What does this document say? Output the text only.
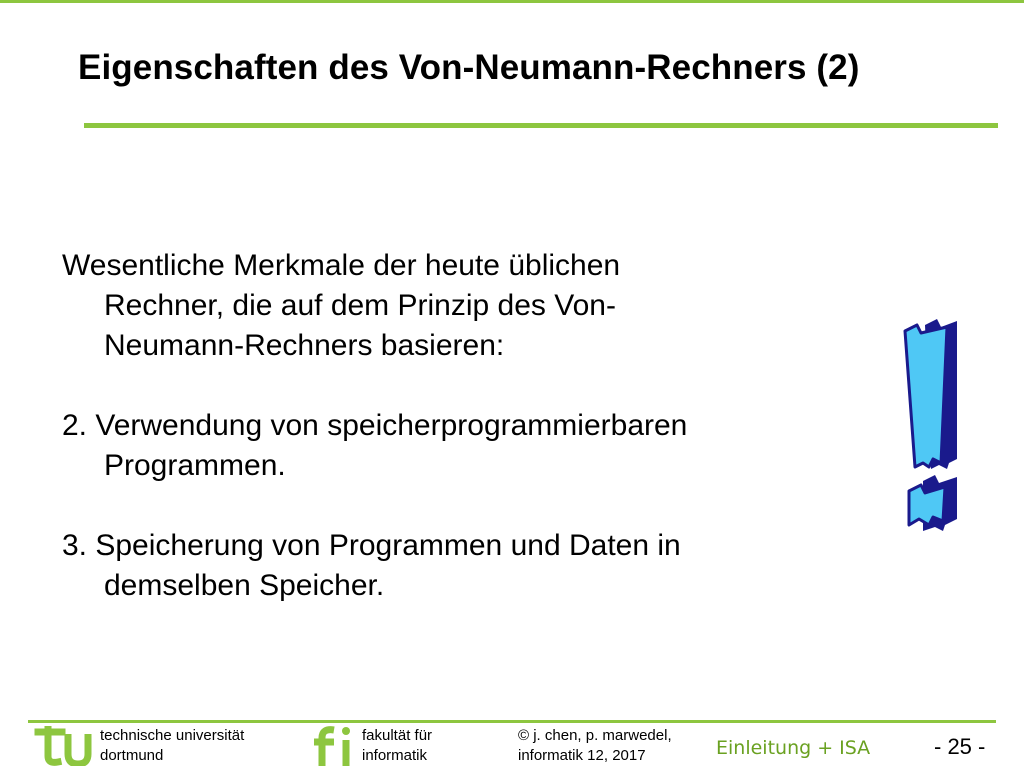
Eigenschaften des Von-Neumann-Rechners (2)

Wesentliche Merkmale der heute üblichen
Rechner, die auf dem Prinzip des Von-
Neumann-Rechners basieren:

2. Verwendung von speicherprogrammierbaren
Programmen.

3. Speicherung von Programmen und Daten in
demselben Speicher.

technische universität
dortmund
fakultät für
informatik
© j. chen, p. marwedel,
informatik 12, 2017	Einleitung + ISA	- 25 -
